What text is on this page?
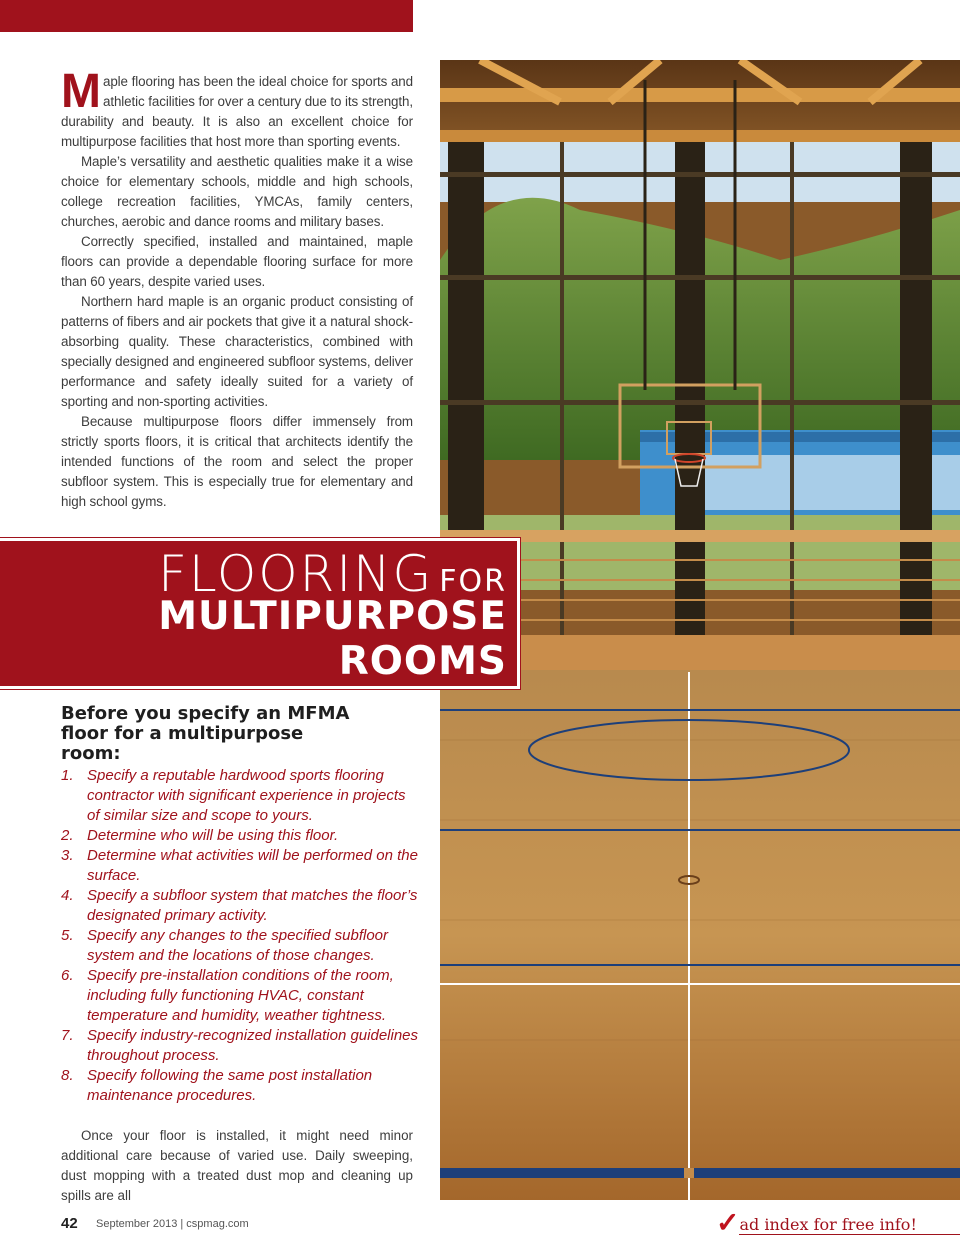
Maple flooring has been the ideal choice for sports and athletic facilities for over a century due to its strength, durability and beauty. It is also an excellent choice for multipurpose facilities that host more than sporting events.

Maple’s versatility and aesthetic qualities make it a wise choice for elementary schools, middle and high schools, college recreation facilities, YMCAs, family centers, churches, aerobic and dance rooms and military bases.

Correctly specified, installed and maintained, maple floors can provide a dependable flooring surface for more than 60 years, despite varied uses.

Northern hard maple is an organic product consisting of patterns of fibers and air pockets that give it a natural shock-absorbing quality. These characteristics, combined with specially designed and engineered subfloor systems, deliver performance and safety ideally suited for a variety of sporting and non-sporting activities.

Because multipurpose floors differ immensely from strictly sports floors, it is critical that architects identify the intended functions of the room and select the proper subfloor system. This is especially true for elementary and high school gyms.

FLOORING FOR
MULTIPURPOSE
ROOMS
Before you specify an MFMA floor for a multipurpose room:
1. Specify a reputable hardwood sports flooring contractor with significant experience in projects of similar size and scope to yours.
2. Determine who will be using this floor.
3. Determine what activities will be performed on the surface.
4. Specify a subfloor system that matches the floor’s designated primary activity.
5. Specify any changes to the specified subfloor system and the locations of those changes.
6. Specify pre-installation conditions of the room, including fully functioning HVAC, constant temperature and humidity, weather tightness.
7. Specify industry-recognized installation guidelines throughout process.
8. Specify following the same post installation maintenance procedures.
Once your floor is installed, it might need minor additional care because of varied use. Daily sweeping, dust mopping with a treated dust mop and cleaning up spills are all
42 September 2013 | cspmag.com	✓ad index for free info!
